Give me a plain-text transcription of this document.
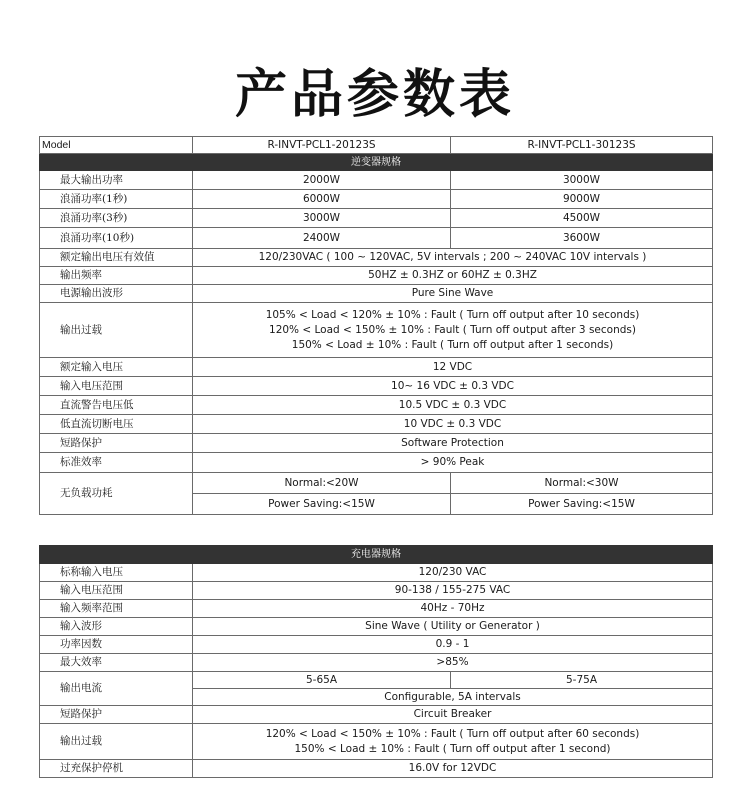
产品参数表
Model	R-INVT-PCL1-20123S	R-INVT-PCL1-30123S
逆变器规格		
最大输出功率	2000W	3000W
浪涌功率(1秒)	6000W	9000W
浪涌功率(3秒)	3000W	4500W
浪涌功率(10秒)	2400W	3600W
额定输出电压有效值	120/230VAC ( 100 ~ 120VAC, 5V intervals ; 200 ~ 240VAC 10V intervals )	
输出频率	50HZ ± 0.3HZ or 60HZ ± 0.3HZ	
电源输出波形	Pure Sine Wave	
输出过载	105% < Load < 120% ± 10% : Fault ( Turn off output after 10 seconds)
120% < Load < 150% ± 10% : Fault ( Turn off output after 3 seconds)
150% < Load ± 10% : Fault ( Turn off output after 1 seconds)	

额定输入电压	12 VDC	
输入电压范围	10~ 16 VDC ± 0.3 VDC	
直流警告电压低	10.5 VDC ± 0.3 VDC	
低直流切断电压	10 VDC ± 0.3 VDC	
短路保护	Software Protection	
标准效率	> 90% Peak	
无负载功耗	Normal:<20W	Normal:<30W
	Power Saving:<15W	Power Saving:<15W
充电器规格		
标称输入电压	120/230 VAC	
输入电压范围	90-138 / 155-275 VAC	
输入频率范围	40Hz - 70Hz	
输入波形	Sine Wave ( Utility or Generator )	
功率因数	0.9 - 1	
最大效率	>85%	
输出电流	5-65A	5-75A
	Configurable, 5A intervals	
短路保护	Circuit Breaker	
输出过载	120% < Load < 150% ± 10% : Fault ( Turn off output after 60 seconds)
150% < Load ± 10% : Fault ( Turn off output after 1 second)	

过充保护停机	16.0V for 12VDC	
